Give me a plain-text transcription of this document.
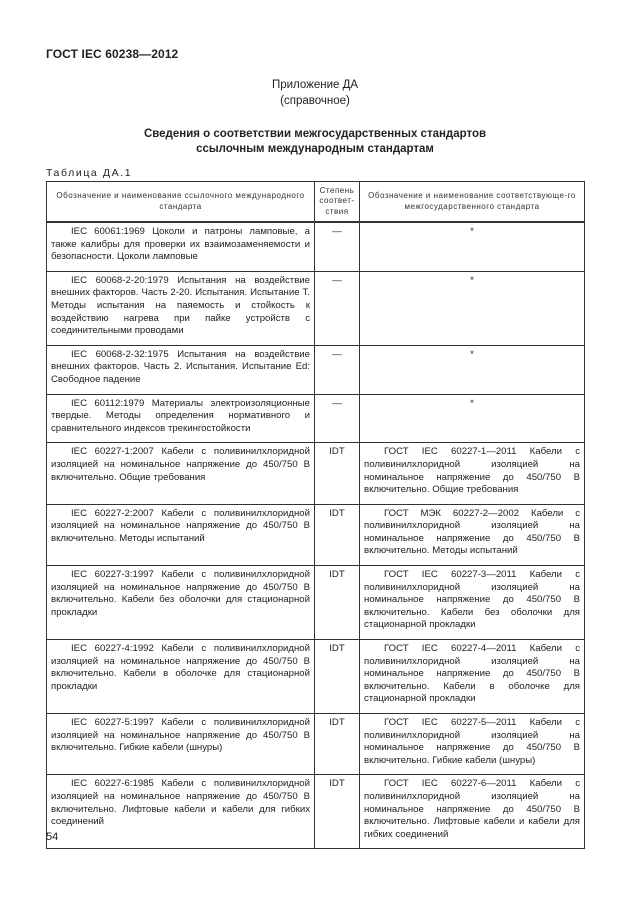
ГОСТ IEC 60238—2012
Приложение ДА
(справочное)
Сведения о соответствии межгосударственных стандартов
ссылочным международным стандартам
Таблица ДА.1
Обозначение и наименование ссылочного международного стандарта	Степень соответ-ствия	Обозначение и наименование соответствующе-го межгосударственного стандарта
IEC 60061:1969 Цоколи и патроны ламповые, а также калибры для проверки их взаимозаменяемости и безопасности. Цоколи ламповые	—	*
IEC 60068-2-20:1979 Испытания на воздействие внешних факторов. Часть 2-20. Испытания. Испытание Т. Методы испытания на паяемость и стойкость к воздействию нагрева при пайке устройств с соединительными проводами	—	*
IEC 60068-2-32:1975 Испытания на воздействие внешних факторов. Часть 2. Испытания. Испытание Ed: Свободное падение	—	*
IEC 60112:1979 Материалы электроизоляционные твердые. Методы определения нормативного и сравнительного индексов трекингостойкости	—	*
IEC 60227-1:2007 Кабели с поливинилхлоридной изоляцией на номинальное напряжение до 450/750 В включительно. Общие требования	IDT	ГОСТ IEC 60227-1—2011 Кабели с поливинилхлоридной изоляцией на номинальное напряжение до 450/750 В включительно. Общие требования
IEC 60227-2:2007 Кабели с поливинилхлоридной изоляцией на номинальное напряжение до 450/750 В включительно. Методы испытаний	IDT	ГОСТ МЭК 60227-2—2002 Кабели с поливинилхлоридной изоляцией на номинальное напряжение до 450/750 В включительно. Методы испытаний
IEC 60227-3:1997 Кабели с поливинилхлоридной изоляцией на номинальное напряжение до 450/750 В включительно. Кабели без оболочки для стационарной прокладки	IDT	ГОСТ IEC 60227-3—2011 Кабели с поливинилхлоридной изоляцией на номинальное напряжение до 450/750 В включительно. Кабели без оболочки для стационарной прокладки
IEC 60227-4:1992 Кабели с поливинилхлоридной изоляцией на номинальное напряжение до 450/750 В включительно. Кабели в оболочке для стационарной прокладки	IDT	ГОСТ IEC 60227-4—2011 Кабели с поливинилхлоридной изоляцией на номинальное напряжение до 450/750 В включительно. Кабели в оболочке для стационарной прокладки
IEC 60227-5:1997 Кабели с поливинилхлоридной изоляцией на номинальное напряжение до 450/750 В включительно. Гибкие кабели (шнуры)	IDT	ГОСТ IEC 60227-5—2011 Кабели с поливинилхлоридной изоляцией на номинальное напряжение до 450/750 В включительно. Гибкие кабели (шнуры)
IEC 60227-6:1985 Кабели с поливинилхлоридной изоляцией на номинальное напряжение до 450/750 В включительно. Лифтовые кабели и кабели для гибких соединений	IDT	ГОСТ IEC 60227-6—2011 Кабели с поливинилхлоридной изоляцией на номинальное напряжение до 450/750 В включительно. Лифтовые кабели и кабели для гибких соединений
54
